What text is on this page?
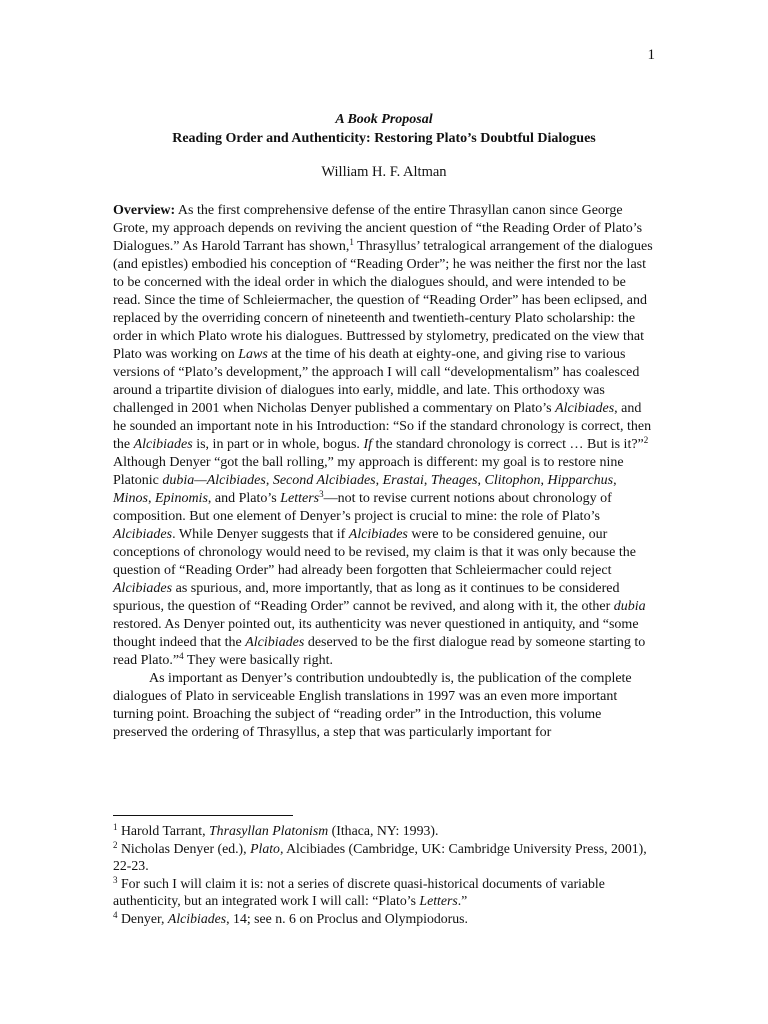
1
A Book Proposal
Reading Order and Authenticity: Restoring Plato’s Doubtful Dialogues
William H. F. Altman

Overview: As the first comprehensive defense of the entire Thrasyllan canon since George Grote, my approach depends on reviving the ancient question of “the Reading Order of Plato’s Dialogues.” As Harold Tarrant has shown,$^1$ Thrasyllus’ tetralogical arrangement of the dialogues (and epistles) embodied his conception of “Reading Order”; he was neither the first nor the last to be concerned with the ideal order in which the dialogues should, and were intended to be read. Since the time of Schleiermacher, the question of “Reading Order” has been eclipsed, and replaced by the overriding concern of nineteenth and twentieth-century Plato scholarship: the order in which Plato wrote his dialogues. Buttressed by stylometry, predicated on the view that Plato was working on Laws at the time of his death at eighty-one, and giving rise to various versions of “Plato’s development,” the approach I will call “developmentalism” has coalesced around a tripartite division of dialogues into early, middle, and late. This orthodoxy was challenged in 2001 when Nicholas Denyer published a commentary on Plato’s Alcibiades, and he sounded an important note in his Introduction: “So if the standard chronology is correct, then the Alcibiades is, in part or in whole, bogus. If the standard chronology is correct … But is it?”$^2$ Although Denyer “got the ball rolling,” my approach is different: my goal is to restore nine Platonic dubia—Alcibiades, Second Alcibiades, Erastai, Theages, Clitophon, Hipparchus, Minos, Epinomis, and Plato’s Letters$^3$—not to revise current notions about chronology of composition. But one element of Denyer’s project is crucial to mine: the role of Plato’s Alcibiades. While Denyer suggests that if Alcibiades were to be considered genuine, our conceptions of chronology would need to be revised, my claim is that it was only because the question of “Reading Order” had already been forgotten that Schleiermacher could reject Alcibiades as spurious, and, more importantly, that as long as it continues to be considered spurious, the question of “Reading Order” cannot be revived, and along with it, the other dubia restored. As Denyer pointed out, its authenticity was never questioned in antiquity, and “some thought indeed that the Alcibiades deserved to be the first dialogue read by someone starting to read Plato.”$^4$ They were basically right.

As important as Denyer’s contribution undoubtedly is, the publication of the complete dialogues of Plato in serviceable English translations in 1997 was an even more important turning point. Broaching the subject of “reading order” in the Introduction, this volume preserved the ordering of Thrasyllus, a step that was particularly important for

$^1$ Harold Tarrant, Thrasyllan Platonism (Ithaca, NY: 1993).

$^2$ Nicholas Denyer (ed.), Plato, Alcibiades (Cambridge, UK: Cambridge University Press, 2001), 22-23.

$^3$ For such I will claim it is: not a series of discrete quasi-historical documents of variable authenticity, but an integrated work I will call: “Plato’s Letters.”

$^4$ Denyer, Alcibiades, 14; see n. 6 on Proclus and Olympiodorus.
